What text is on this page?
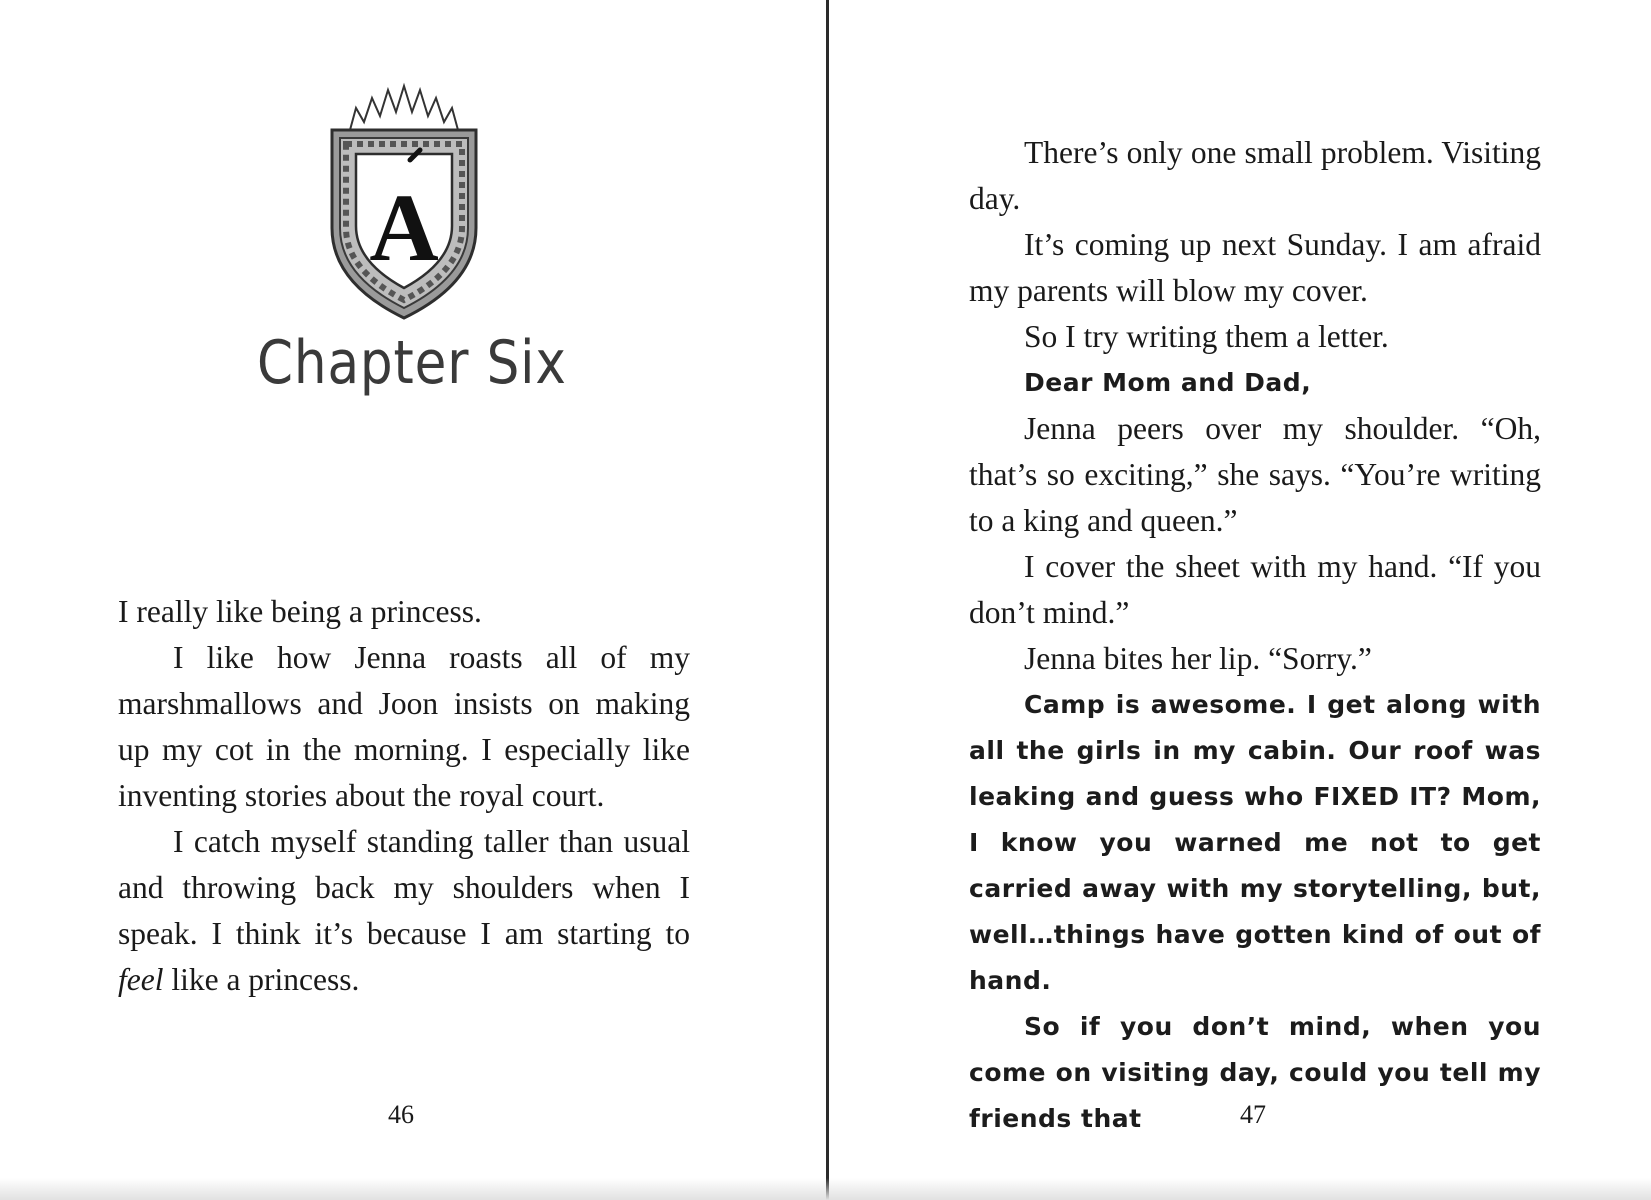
A
Chapter Six

I really like being a princess.

I like how Jenna roasts all of my marshmallows and Joon insists on making up my cot in the morning. I especially like inventing stories about the royal court.

I catch myself standing taller than usual and throwing back my shoulders when I speak. I think it’s because I am starting to feel like a princess.

46

There’s only one small problem. Visiting day.

It’s coming up next Sunday. I am afraid my parents will blow my cover.

So I try writing them a letter.

Dear Mom and Dad,

Jenna peers over my shoulder. “Oh, that’s so exciting,” she says. “You’re writing to a king and queen.”

I cover the sheet with my hand. “If you don’t mind.”

Jenna bites her lip. “Sorry.”

Camp is awesome. I get along with all the girls in my cabin. Our roof was leaking and guess who FIXED IT? Mom, I know you warned me not to get carried away with my storytelling, but, well…things have gotten kind of out of hand.

So if you don’t mind, when you come on visiting day, could you tell my friends that	47
